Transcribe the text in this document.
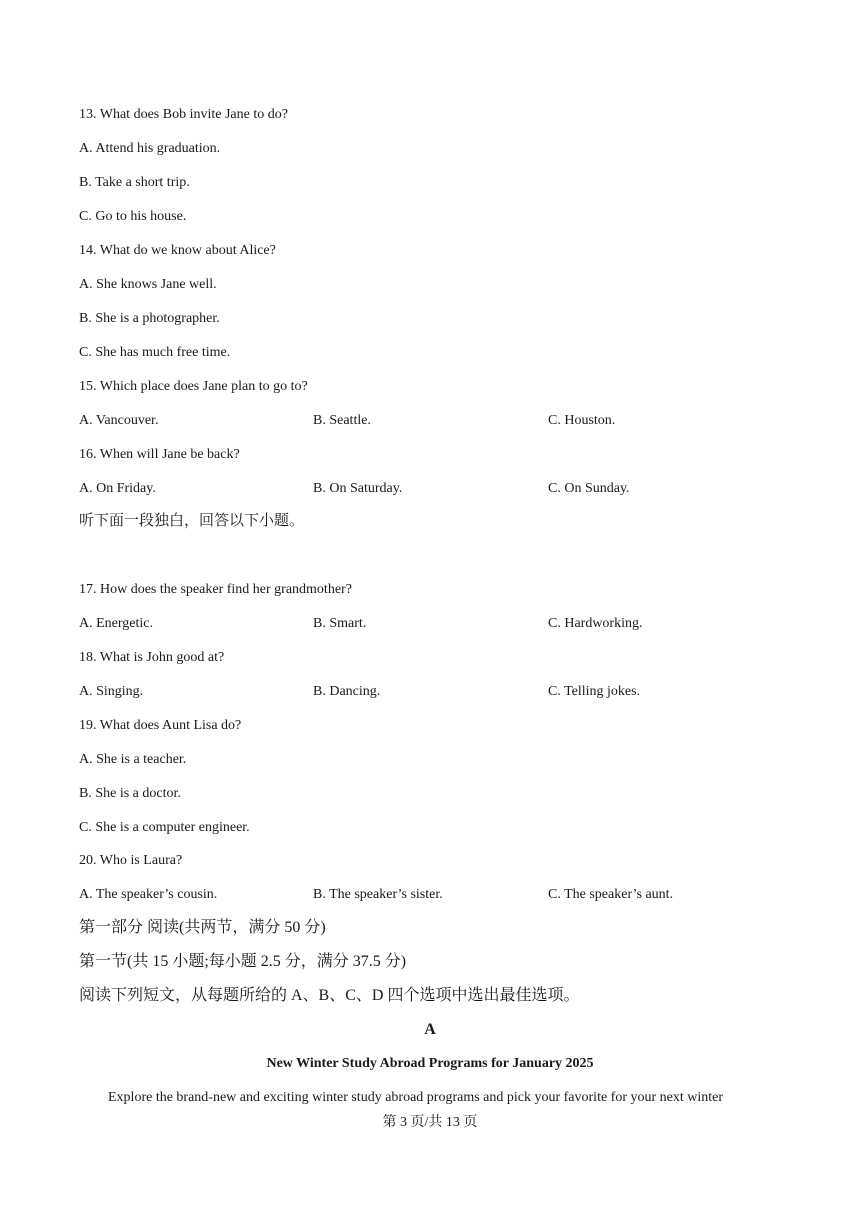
13. What does Bob invite Jane to do?
A. Attend his graduation.
B. Take a short trip.
C. Go to his house.
14. What do we know about Alice?
A. She knows Jane well.
B. She is a photographer.
C. She has much free time.
15. Which place does Jane plan to go to?
A. Vancouver.	B. Seattle.	C. Houston.
16. When will Jane be back?
A. On Friday.	B. On Saturday.	C. On Sunday.
听下面一段独白，回答以下小题。
17. How does the speaker find her grandmother?
A. Energetic.	B. Smart.	C. Hardworking.
18. What is John good at?
A. Singing.	B. Dancing.	C. Telling jokes.
19. What does Aunt Lisa do?
A. She is a teacher.
B. She is a doctor.
C. She is a computer engineer.
20. Who is Laura?
A. The speaker’s cousin.	B. The speaker’s sister.	C. The speaker’s aunt.
第一部分 阅读(共两节，满分 50 分)
第一节(共 15 小题;每小题 2.5 分，满分 37.5 分)
阅读下列短文，从每题所给的 A、B、C、D 四个选项中选出最佳选项。
A
New Winter Study Abroad Programs for January 2025
Explore the brand-new and exciting winter study abroad programs and pick your favorite for your next winter
第 3 页/共 13 页
